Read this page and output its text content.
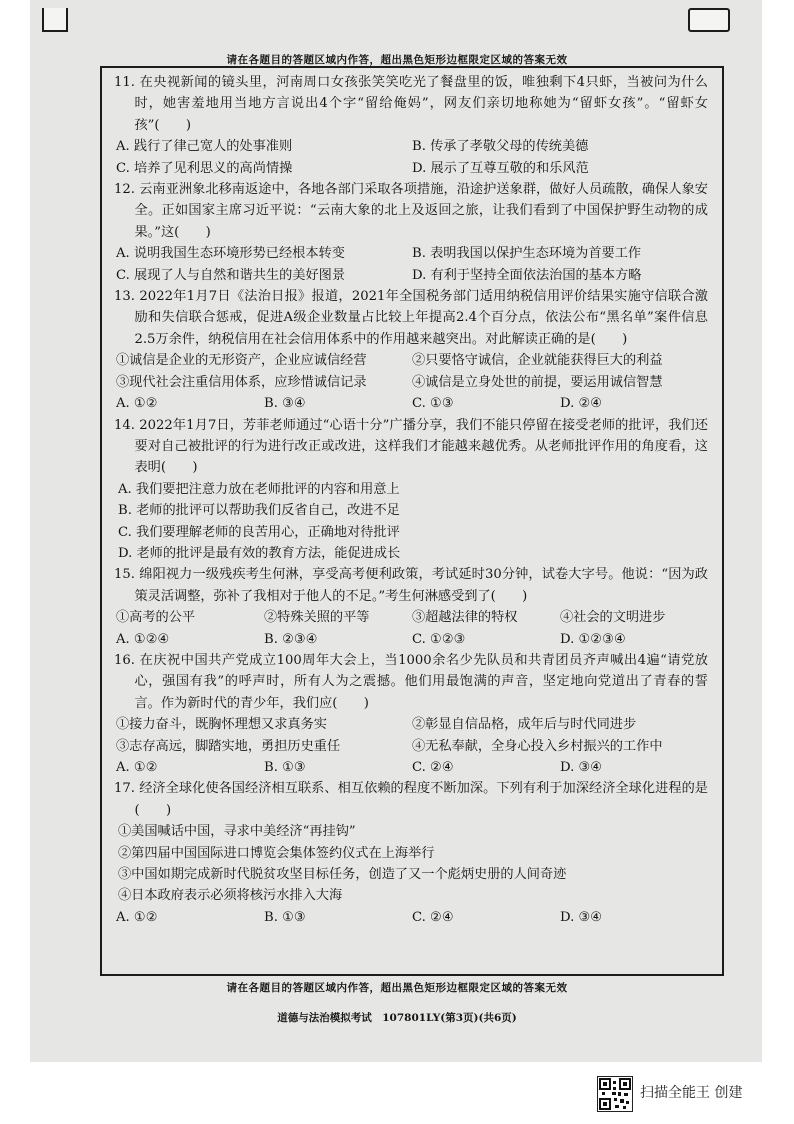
请在各题目的答题区域内作答，超出黑色矩形边框限定区域的答案无效
11. 在央视新闻的镜头里，河南周口女孩张笑笑吃光了餐盘里的饭，唯独剩下4只虾，当被问为什么时，她害羞地用当地方言说出4个字“留给俺妈”，网友们亲切地称她为“留虾女孩”。“留虾女孩”(　　)
A. 践行了律己宽人的处事准则	B. 传承了孝敬父母的传统美德
C. 培养了见利思义的高尚情操	D. 展示了互尊互敬的和乐风范
12. 云南亚洲象北移南返途中，各地各部门采取各项措施，沿途护送象群，做好人员疏散，确保人象安全。正如国家主席习近平说：“云南大象的北上及返回之旅，让我们看到了中国保护野生动物的成果。”这(　　)
A. 说明我国生态环境形势已经根本转变	B. 表明我国以保护生态环境为首要工作
C. 展现了人与自然和谐共生的美好图景	D. 有利于坚持全面依法治国的基本方略
13. 2022年1月7日《法治日报》报道，2021年全国税务部门适用纳税信用评价结果实施守信联合激励和失信联合惩戒，促进A级企业数量占比较上年提高2.4个百分点，依法公布“黑名单”案件信息2.5万余件，纳税信用在社会信用体系中的作用越来越突出。对此解读正确的是(　　)
①诚信是企业的无形资产，企业应诚信经营	②只要恪守诚信，企业就能获得巨大的利益
③现代社会注重信用体系，应珍惜诚信记录	④诚信是立身处世的前提，要运用诚信智慧
A. ①②	B. ③④	C. ①③	D. ②④
14. 2022年1月7日，芳菲老师通过“心语十分”广播分享，我们不能只停留在接受老师的批评，我们还要对自己被批评的行为进行改正或改进，这样我们才能越来越优秀。从老师批评作用的角度看，这表明(　　)
A. 我们要把注意力放在老师批评的内容和用意上
B. 老师的批评可以帮助我们反省自己，改进不足
C. 我们要理解老师的良苦用心，正确地对待批评
D. 老师的批评是最有效的教育方法，能促进成长
15. 绵阳视力一级残疾考生何淋，享受高考便利政策，考试延时30分钟，试卷大字号。他说：“因为政策灵活调整，弥补了我相对于他人的不足。”考生何淋感受到了(　　)
①高考的公平	②特殊关照的平等	③超越法律的特权	④社会的文明进步
A. ①②④	B. ②③④	C. ①②③	D. ①②③④
16. 在庆祝中国共产党成立100周年大会上，当1000余名少先队员和共青团员齐声喊出4遍“请党放心，强国有我”的呼声时，所有人为之震撼。他们用最饱满的声音，坚定地向党道出了青春的誓言。作为新时代的青少年，我们应(　　)
①接力奋斗，既胸怀理想又求真务实	②彰显自信品格，成年后与时代同进步
③志存高远，脚踏实地，勇担历史重任	④无私奉献，全身心投入乡村振兴的工作中
A. ①②	B. ①③	C. ②④	D. ③④
17. 经济全球化使各国经济相互联系、相互依赖的程度不断加深。下列有利于加深经济全球化进程的是(　　)
①美国喊话中国，寻求中美经济“再挂钩”
②第四届中国国际进口博览会集体签约仪式在上海举行
③中国如期完成新时代脱贫攻坚目标任务，创造了又一个彪炳史册的人间奇迹
④日本政府表示必须将核污水排入大海
A. ①②	B. ①③	C. ②④	D. ③④
请在各题目的答题区域内作答，超出黑色矩形边框限定区域的答案无效
道德与法治模拟考试　107801LY(第3页)(共6页)
扫描全能王 创建
